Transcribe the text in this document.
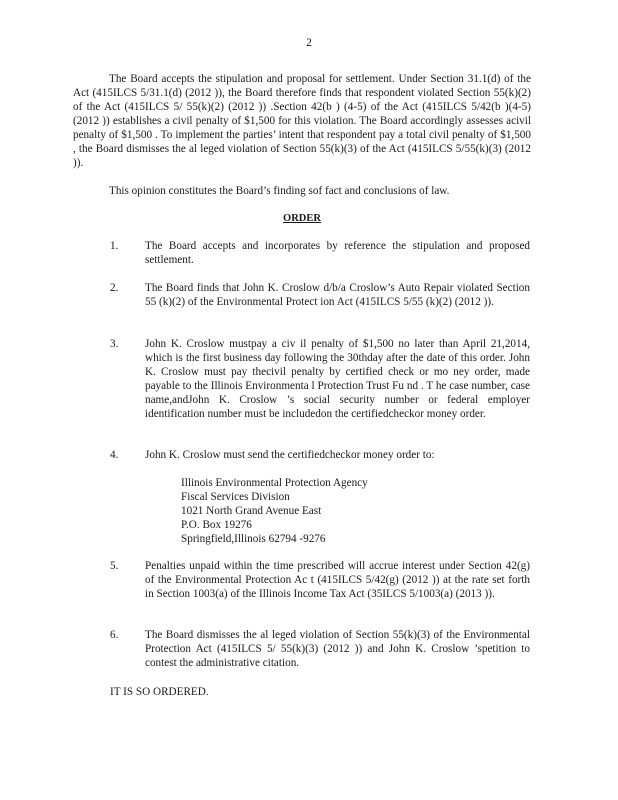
2
The Board accepts the stipulation and proposal for settlement. Under Section 31.1(d) of the Act (415ILCS 5/31.1(d) (2012 )), the Board therefore finds that respondent violated Section 55(k)(2) of the Act (415ILCS 5/ 55(k)(2) (2012 )) .Section 42(b ) (4-5) of the Act (415ILCS 5/42(b )(4-5) (2012 )) establishes a civil penalty of $1,500 for this violation. The Board accordingly assesses acivil penalty of $1,500 . To implement the parties’ intent that respondent pay a total civil penalty of $1,500 , the Board dismisses the al leged violation of Section 55(k)(3) of the Act (415ILCS 5/55(k)(3) (2012 )).
This opinion constitutes the Board’s finding sof fact and conclusions of law.
ORDER
1.	The Board accepts and incorporates by reference the stipulation and proposed settlement.
2.	The Board finds that John K. Croslow d/b/a Croslow’s Auto Repair violated Section 55 (k)(2) of the Environmental Protect ion Act (415ILCS 5/55 (k)(2) (2012 )).
3.	John K. Croslow mustpay a civ il penalty of $1,500 no later than April 21,2014, which is the first business day following the 30thday after the date of this order. John K. Croslow must pay thecivil penalty by certified check or mo ney order, made payable to the Illinois Environmenta l Protection Trust Fu nd . T he case number, case name,andJohn K. Croslow ’s social security number or federal employer identification number must be includedon the certifiedcheckor money order.
4.	John K. Croslow must send the certifiedcheckor money order to:
Illinois Environmental Protection Agency
Fiscal Services Division
1021 North Grand Avenue East
P.O. Box 19276
Springfield,Illinois 62794 -9276
5.	Penalties unpaid within the time prescribed will accrue interest under Section 42(g) of the Environmental Protection Ac t (415ILCS 5/42(g) (2012 )) at the rate set forth in Section 1003(a) of the Illinois Income Tax Act (35ILCS 5/1003(a) (2013 )).
6.	The Board dismisses the al leged violation of Section 55(k)(3) of the Environmental Protection Act (415ILCS 5/ 55(k)(3) (2012 )) and John K. Croslow ’spetition to contest the administrative citation.
IT IS SO ORDERED.
